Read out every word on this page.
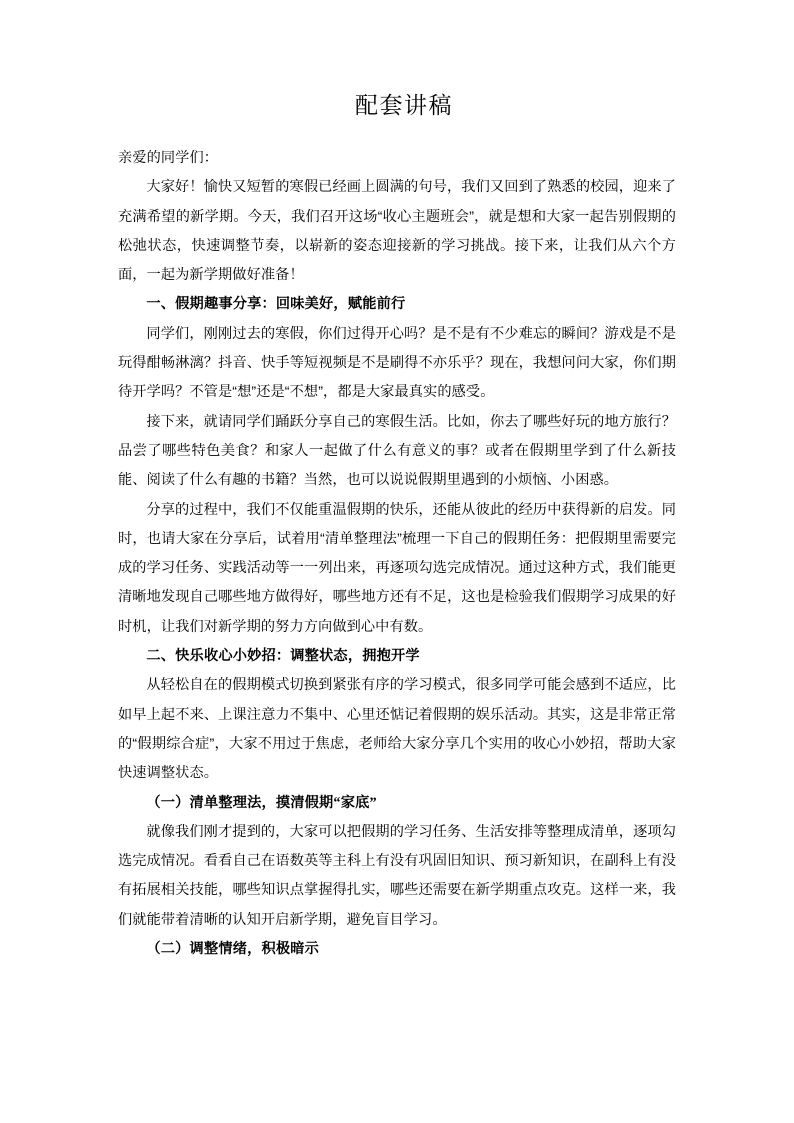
配套讲稿

亲爱的同学们：

大家好！愉快又短暂的寒假已经画上圆满的句号，我们又回到了熟悉的校园，迎来了充满希望的新学期。今天，我们召开这场“收心主题班会”，就是想和大家一起告别假期的松弛状态，快速调整节奏，以崭新的姿态迎接新的学习挑战。接下来，让我们从六个方面，一起为新学期做好准备！

一、假期趣事分享：回味美好，赋能前行

同学们，刚刚过去的寒假，你们过得开心吗？是不是有不少难忘的瞬间？游戏是不是玩得酣畅淋漓？抖音、快手等短视频是不是刷得不亦乐乎？现在，我想问问大家，你们期待开学吗？不管是“想”还是“不想”，都是大家最真实的感受。

接下来，就请同学们踊跃分享自己的寒假生活。比如，你去了哪些好玩的地方旅行？品尝了哪些特色美食？和家人一起做了什么有意义的事？或者在假期里学到了什么新技能、阅读了什么有趣的书籍？当然，也可以说说假期里遇到的小烦恼、小困惑。

分享的过程中，我们不仅能重温假期的快乐，还能从彼此的经历中获得新的启发。同时，也请大家在分享后，试着用“清单整理法”梳理一下自己的假期任务：把假期里需要完成的学习任务、实践活动等一一列出来，再逐项勾选完成情况。通过这种方式，我们能更清晰地发现自己哪些地方做得好，哪些地方还有不足，这也是检验我们假期学习成果的好时机，让我们对新学期的努力方向做到心中有数。

二、快乐收心小妙招：调整状态，拥抱开学

从轻松自在的假期模式切换到紧张有序的学习模式，很多同学可能会感到不适应，比如早上起不来、上课注意力不集中、心里还惦记着假期的娱乐活动。其实，这是非常正常的“假期综合症”，大家不用过于焦虑，老师给大家分享几个实用的收心小妙招，帮助大家快速调整状态。

（一）清单整理法，摸清假期“家底”

就像我们刚才提到的，大家可以把假期的学习任务、生活安排等整理成清单，逐项勾选完成情况。看看自己在语数英等主科上有没有巩固旧知识、预习新知识，在副科上有没有拓展相关技能，哪些知识点掌握得扎实，哪些还需要在新学期重点攻克。这样一来，我们就能带着清晰的认知开启新学期，避免盲目学习。

（二）调整情绪，积极暗示
